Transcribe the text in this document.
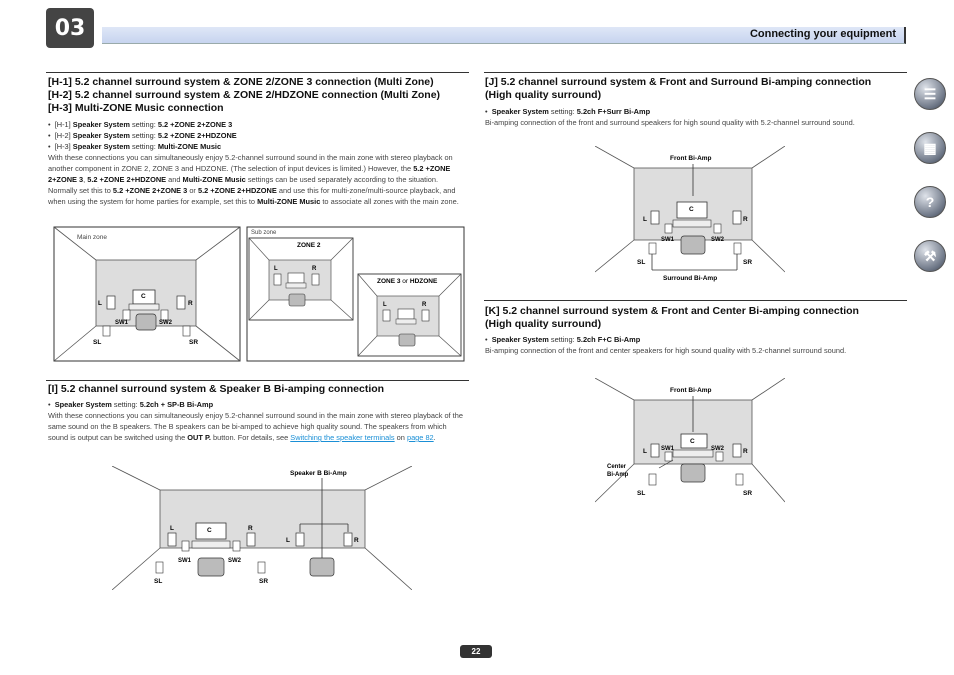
03	Connecting your equipment
☰
▦
?
⚒
[H-1] 5.2 channel surround system & ZONE 2/ZONE 3 connection (Multi Zone)
[H-2] 5.2 channel surround system & ZONE 2/HDZONE connection (Multi Zone)
[H-3] Multi-ZONE Music connection
•  [H-1] Speaker System setting: 5.2 +ZONE 2+ZONE 3
•  [H-2] Speaker System setting: 5.2 +ZONE 2+HDZONE
•  [H-3] Speaker System setting: Multi-ZONE Music
With these connections you can simultaneously enjoy 5.2-channel surround sound in the main zone with stereo playback on another component in ZONE 2, ZONE 3 and HDZONE. (The selection of input devices is limited.) However, the 5.2 +ZONE 2+ZONE 3, 5.2 +ZONE 2+HDZONE and Multi-ZONE Music settings can be used separately according to the situation. Normally set this to 5.2 +ZONE 2+ZONE 3 or 5.2 +ZONE 2+HDZONE and use this for multi-zone/multi-source playback, and when using the system for home parties for example, set this to Multi-ZONE Music to associate all zones with the main zone.
Main zone
C
L	R
SW1	SW2
SL	SR
Sub zone
ZONE 2
L	R
ZONE 3 or HDZONE
L	R
[I] 5.2 channel surround system & Speaker B Bi-amping connection
•  Speaker System setting: 5.2ch + SP-B Bi-Amp
With these connections you can simultaneously enjoy 5.2-channel surround sound in the main zone with stereo playback of the same sound on the B speakers. The B speakers can be bi-amped to achieve high quality sound. The speakers from which sound is output can be switched using the OUT P. button. For details, see Switching the speaker terminals on page 82.
Speaker B Bi-Amp
L	R
C
SW1	SW2
SL	SR
L	R
[J] 5.2 channel surround system & Front and Surround Bi-amping connection
(High quality surround)
•  Speaker System setting: 5.2ch F+Surr Bi-Amp
Bi-amping connection of the front and surround speakers for high sound quality with 5.2-channel surround sound.
Front Bi-Amp
C
L	R
SW1	SW2
SL	SR
Surround Bi-Amp
[K] 5.2 channel surround system & Front and Center Bi-amping connection
(High quality surround)
•  Speaker System setting: 5.2ch F+C Bi-Amp
Bi-amping connection of the front and center speakers for high sound quality with 5.2-channel surround sound.
Front Bi-Amp
C
L	R
SW1	SW2
Center
Bi-Amp
SL	SR
22
